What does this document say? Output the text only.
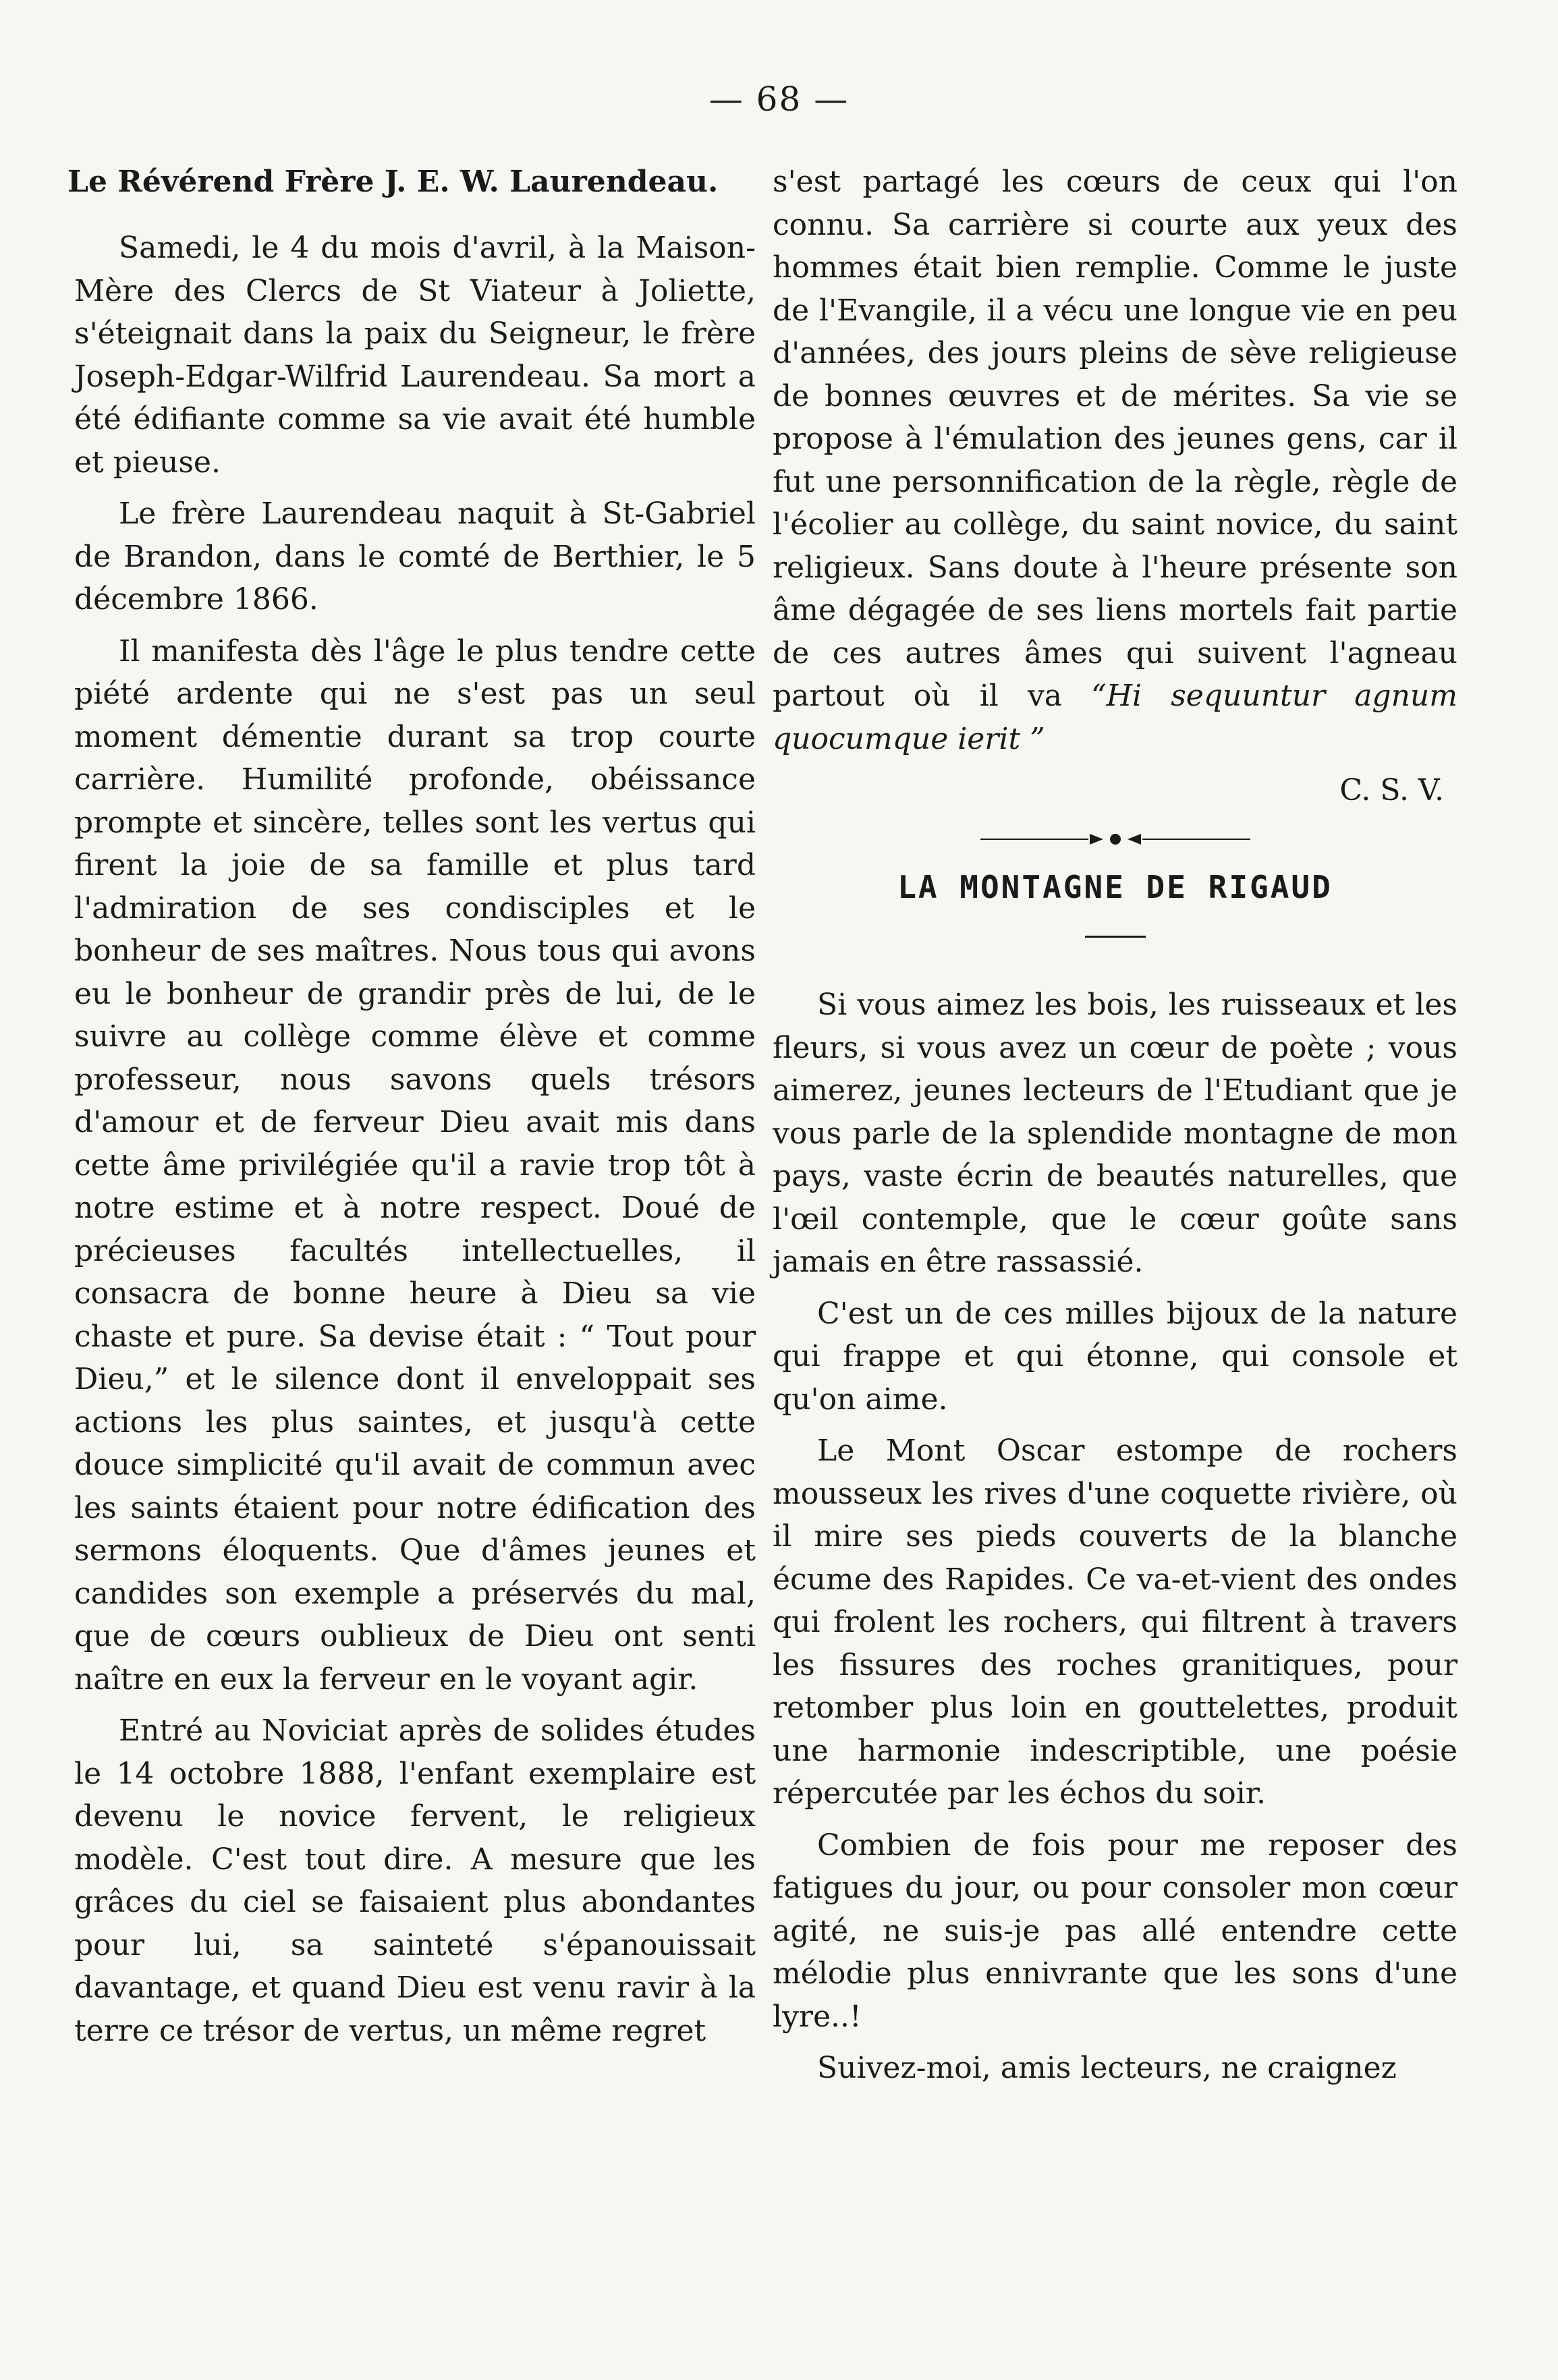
— 68 —
Le Révérend Frère J. E. W. Laurendeau.

Samedi, le 4 du mois d'avril, à la Maison-Mère des Clercs de St Viateur à Joliette, s'éteignait dans la paix du Seigneur, le frère Joseph-Edgar-Wilfrid Laurendeau. Sa mort a été édifiante comme sa vie avait été humble et pieuse.

Le frère Laurendeau naquit à St-Gabriel de Brandon, dans le comté de Berthier, le 5 décembre 1866.

Il manifesta dès l'âge le plus tendre cette piété ardente qui ne s'est pas un seul moment démentie durant sa trop courte carrière. Humilité profonde, obéissance prompte et sincère, telles sont les vertus qui firent la joie de sa famille et plus tard l'admiration de ses condisciples et le bonheur de ses maîtres. Nous tous qui avons eu le bonheur de grandir près de lui, de le suivre au collège comme élève et comme professeur, nous savons quels trésors d'amour et de ferveur Dieu avait mis dans cette âme privilégiée qu'il a ravie trop tôt à notre estime et à notre respect. Doué de précieuses facultés intellectuelles, il consacra de bonne heure à Dieu sa vie chaste et pure. Sa devise était : “ Tout pour Dieu,” et le silence dont il enveloppait ses actions les plus saintes, et jusqu'à cette douce simplicité qu'il avait de commun avec les saints étaient pour notre édification des sermons éloquents. Que d'âmes jeunes et candides son exemple a préservés du mal, que de cœurs oublieux de Dieu ont senti naître en eux la ferveur en le voyant agir.

Entré au Noviciat après de solides études le 14 octobre 1888, l'enfant exemplaire est devenu le novice fervent, le religieux modèle. C'est tout dire. A mesure que les grâces du ciel se faisaient plus abondantes pour lui, sa sainteté s'épanouissait davantage, et quand Dieu est venu ravir à la terre ce trésor de vertus, un même regret

s'est partagé les cœurs de ceux qui l'on connu. Sa carrière si courte aux yeux des hommes était bien remplie. Comme le juste de l'Evangile, il a vécu une longue vie en peu d'années, des jours pleins de sève religieuse de bonnes œuvres et de mérites. Sa vie se propose à l'émulation des jeunes gens, car il fut une personnification de la règle, règle de l'écolier au collège, du saint novice, du saint religieux. Sans doute à l'heure présente son âme dégagée de ses liens mortels fait partie de ces autres âmes qui suivent l'agneau partout où il va “Hi sequuntur agnum quocumque ierit ”

C. S. V.

LA MONTAGNE DE RIGAUD

Si vous aimez les bois, les ruisseaux et les fleurs, si vous avez un cœur de poète ; vous aimerez, jeunes lecteurs de l'Etudiant que je vous parle de la splendide montagne de mon pays, vaste écrin de beautés naturelles, que l'œil contemple, que le cœur goûte sans jamais en être rassassié.

C'est un de ces milles bijoux de la nature qui frappe et qui étonne, qui console et qu'on aime.

Le Mont Oscar estompe de rochers mousseux les rives d'une coquette rivière, où il mire ses pieds couverts de la blanche écume des Rapides. Ce va-et-vient des ondes qui frolent les rochers, qui filtrent à travers les fissures des roches granitiques, pour retomber plus loin en gouttelettes, produit une harmonie indescriptible, une poésie répercutée par les échos du soir.

Combien de fois pour me reposer des fatigues du jour, ou pour consoler mon cœur agité, ne suis-je pas allé entendre cette mélodie plus ennivrante que les sons d'une lyre..!

Suivez-moi, amis lecteurs, ne craignez
